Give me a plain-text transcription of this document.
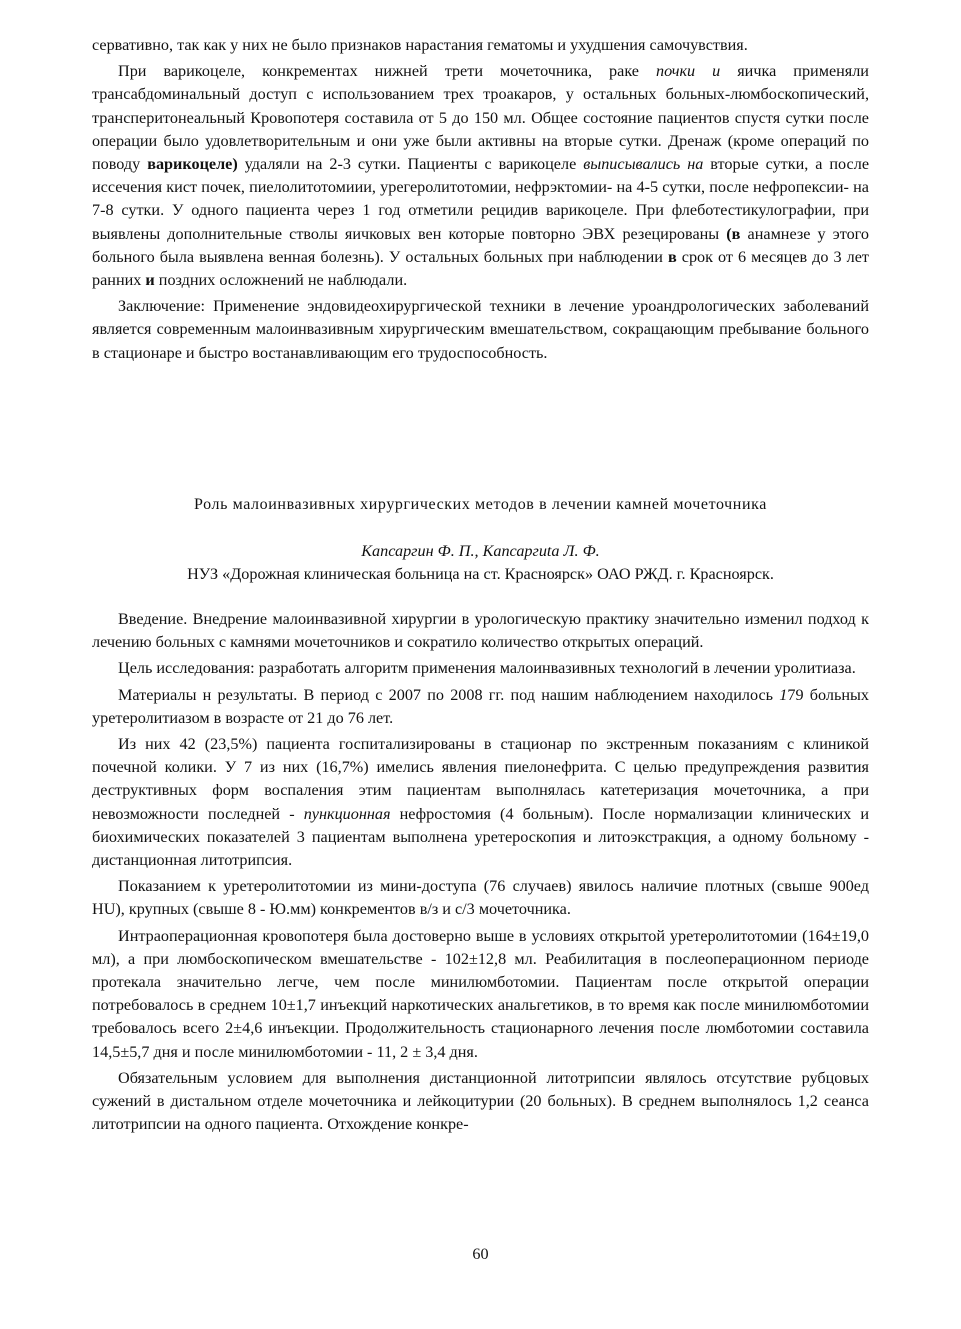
сервативно, так как у них не было признаков нарастания гематомы и ухудшения самочувствия.

При варикоцеле, конкрементах нижней трети мочеточника, раке почки и яичка применяли трансабдоминальный доступ с использованием трех троакаров, у остальных больных-люмбоскопический, трансперитонеальный Кровопотеря составила от 5 до 150 мл. Общее состояние пациентов спустя сутки после операции было удовлетворительным и они уже были активны на вторые сутки. Дренаж (кроме операций по поводу варикоцеле) удаляли на 2-3 сутки. Пациенты с варикоцеле выписывались на вторые сутки, а после иссечения кист почек, пиелолитотомиии, урегеролитотомии, нефрэктомии- на 4-5 сутки, после нефропексии- на 7-8 сутки. У одного пациента через 1 год отметили рецидив варикоцеле. При флеботестикулографии, при выявлены дополнительные стволы яичковых вен которые повторно ЭВХ резецированы (в анамнезе у этого больного была выявлена венная болезнь). У остальных больных при наблюдении в срок от 6 месяцев до 3 лет ранних и поздних осложнений не наблюдали.

Заключение: Применение эндовидеохирургической техники в лечение уроандрологических заболеваний является современным малоинвазивным хирургическим вмешательством, сокращающим пребывание больного в стационаре и быстро востанавливающим его трудоспособность.

Роль малоинвазивных хирургических методов в лечении камней мочеточника

Капсаргин Ф. П., Капсаргиtа Л. Ф.

НУЗ «Дорожная клиническая больница на ст. Красноярск» ОАО РЖД. г. Красноярск.

Введение. Внедрение малоинвазивной хирургии в урологическую практику значительно изменил подход к лечению больных с камнями мочеточников и сократило количество открытых операций.

Цель исследования: разработать алгоритм применения малоинвазивных технологий в лечении уролитиаза.

Материалы н результаты. В период с 2007 по 2008 гг. под нашим наблюдением находилось 179 больных уретеролитиазом в возрасте от 21 до 76 лет.

Из них 42 (23,5%) пациента госпитализированы в стационар по экстренным показаниям с клиникой почечной колики. У 7 из них (16,7%) имелись явления пиелонефрита. С целью предупреждения развития деструктивных форм воспаления этим пациентам выполнялась катетеризация мочеточника, а при невозможности последней - пункционная нефростомия (4 больным). После нормализации клинических и биохимических показателей 3 пациентам выполнена уретероскопия и литоэкстракция, а одному больному - дистанционная литотрипсия.

Показанием к уретеролитотомии из мини-доступа (76 случаев) явилось наличие плотных (свыше 900ед HU), крупных (свыше 8 - Ю.мм) конкрементов в/з и с/3 мочеточника.

Интраоперационная кровопотеря была достоверно выше в условиях открытой уретеролитотомии (164±19,0 мл), а при люмбоскопическом вмешательстве - 102±12,8 мл. Реабилитация в послеоперационном периоде протекала значительно легче, чем после минилюмботомии. Пациентам после открытой операции потребовалось в среднем 10±1,7 инъекций наркотических анальгетиков, в то время как после минилюмботомии требовалось всего 2±4,6 инъекции. Продолжительность стационарного лечения после люмботомии составила 14,5±5,7 дня и после минилюмботомии - 11, 2 ± 3,4 дня.

Обязательным условием для выполнения дистанционной литотрипсии являлось отсутствие рубцовых сужений в дистальном отделе мочеточника и лейкоцитурии (20 больных). В среднем выполнялось 1,2 сеанса литотрипсии на одного пациента. Отхождение конкре-

60
